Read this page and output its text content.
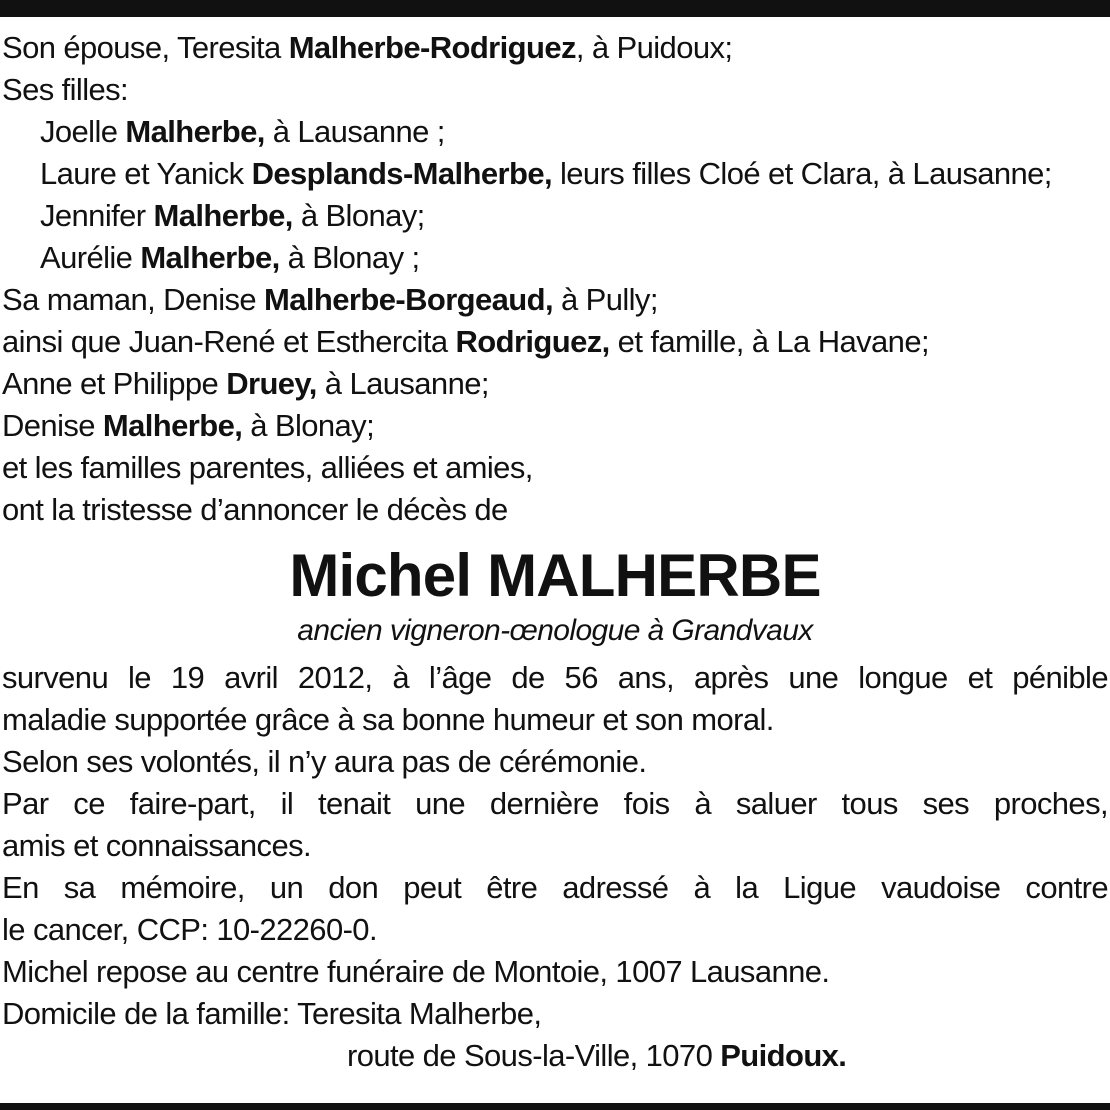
Son épouse, Teresita Malherbe-Rodriguez, à Puidoux;
Ses filles:
Joelle Malherbe, à Lausanne ;
Laure et Yanick Desplands-Malherbe, leurs filles Cloé et Clara, à Lausanne;
Jennifer Malherbe, à Blonay;
Aurélie Malherbe, à Blonay ;
Sa maman, Denise Malherbe-Borgeaud, à Pully;
ainsi que Juan-René et Esthercita Rodriguez, et famille, à La Havane;
Anne et Philippe Druey, à Lausanne;
Denise Malherbe, à Blonay;
et les familles parentes, alliées et amies,
ont la tristesse d’annoncer le décès de
Michel MALHERBE
ancien vigneron-œnologue à Grandvaux
survenu le 19 avril 2012, à l’âge de 56 ans, après une longue et pénible
maladie supportée grâce à sa bonne humeur et son moral.
Selon ses volontés, il n’y aura pas de cérémonie.
Par ce faire-part, il tenait une dernière fois à saluer tous ses proches,
amis et connaissances.
En sa mémoire, un don peut être adressé à la Ligue vaudoise contre
le cancer, CCP: 10-22260-0.
Michel repose au centre funéraire de Montoie, 1007 Lausanne.
Domicile de la famille: Teresita Malherbe,
route de Sous-la-Ville, 1070 Puidoux.
